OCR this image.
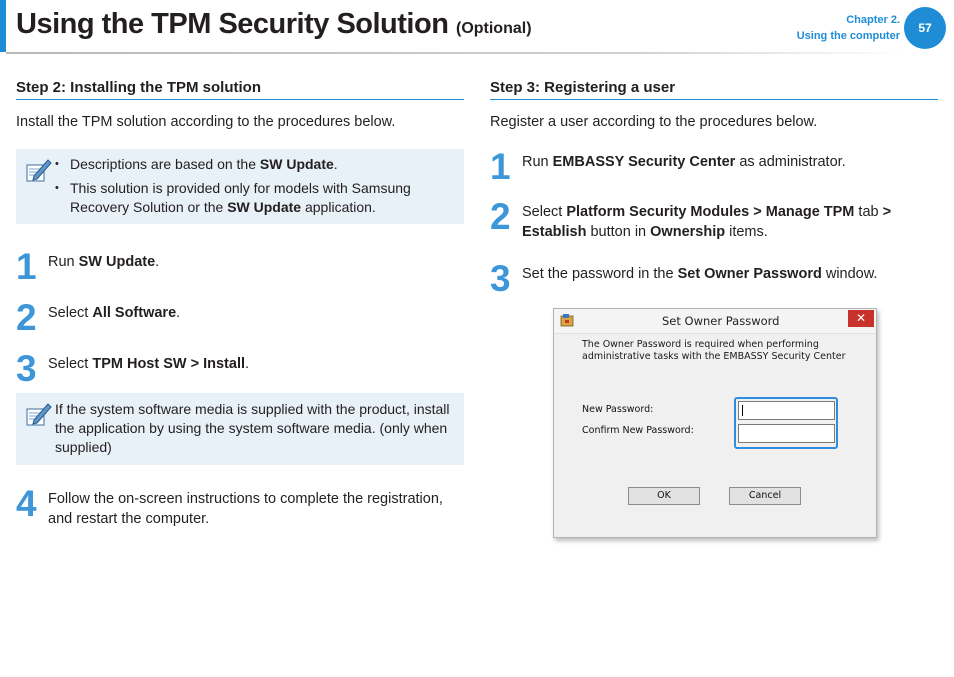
Using the TPM Security Solution (Optional)	Chapter 2.
Using the computer
57
Step 2: Installing the TPM solution
Install the TPM solution according to the procedures below.
• Descriptions are based on the SW Update.
• This solution is provided only for models with Samsung Recovery Solution or the SW Update application.
1 Run SW Update.
2 Select All Software.
3 Select TPM Host SW > Install.
If the system software media is supplied with the product, install the application by using the system software media. (only when supplied)
4 Follow the on-screen instructions to complete the registration, and restart the computer.
Step 3: Registering a user
Register a user according to the procedures below.
1 Run EMBASSY Security Center as administrator.
2 Select Platform Security Modules > Manage TPM tab > Establish button in Ownership items.
3 Set the password in the Set Owner Password window.
Set Owner Password	✕
The Owner Password is required when performing administrative tasks with the EMBASSY Security Center
New Password:
Confirm New Password:
OK	Cancel
